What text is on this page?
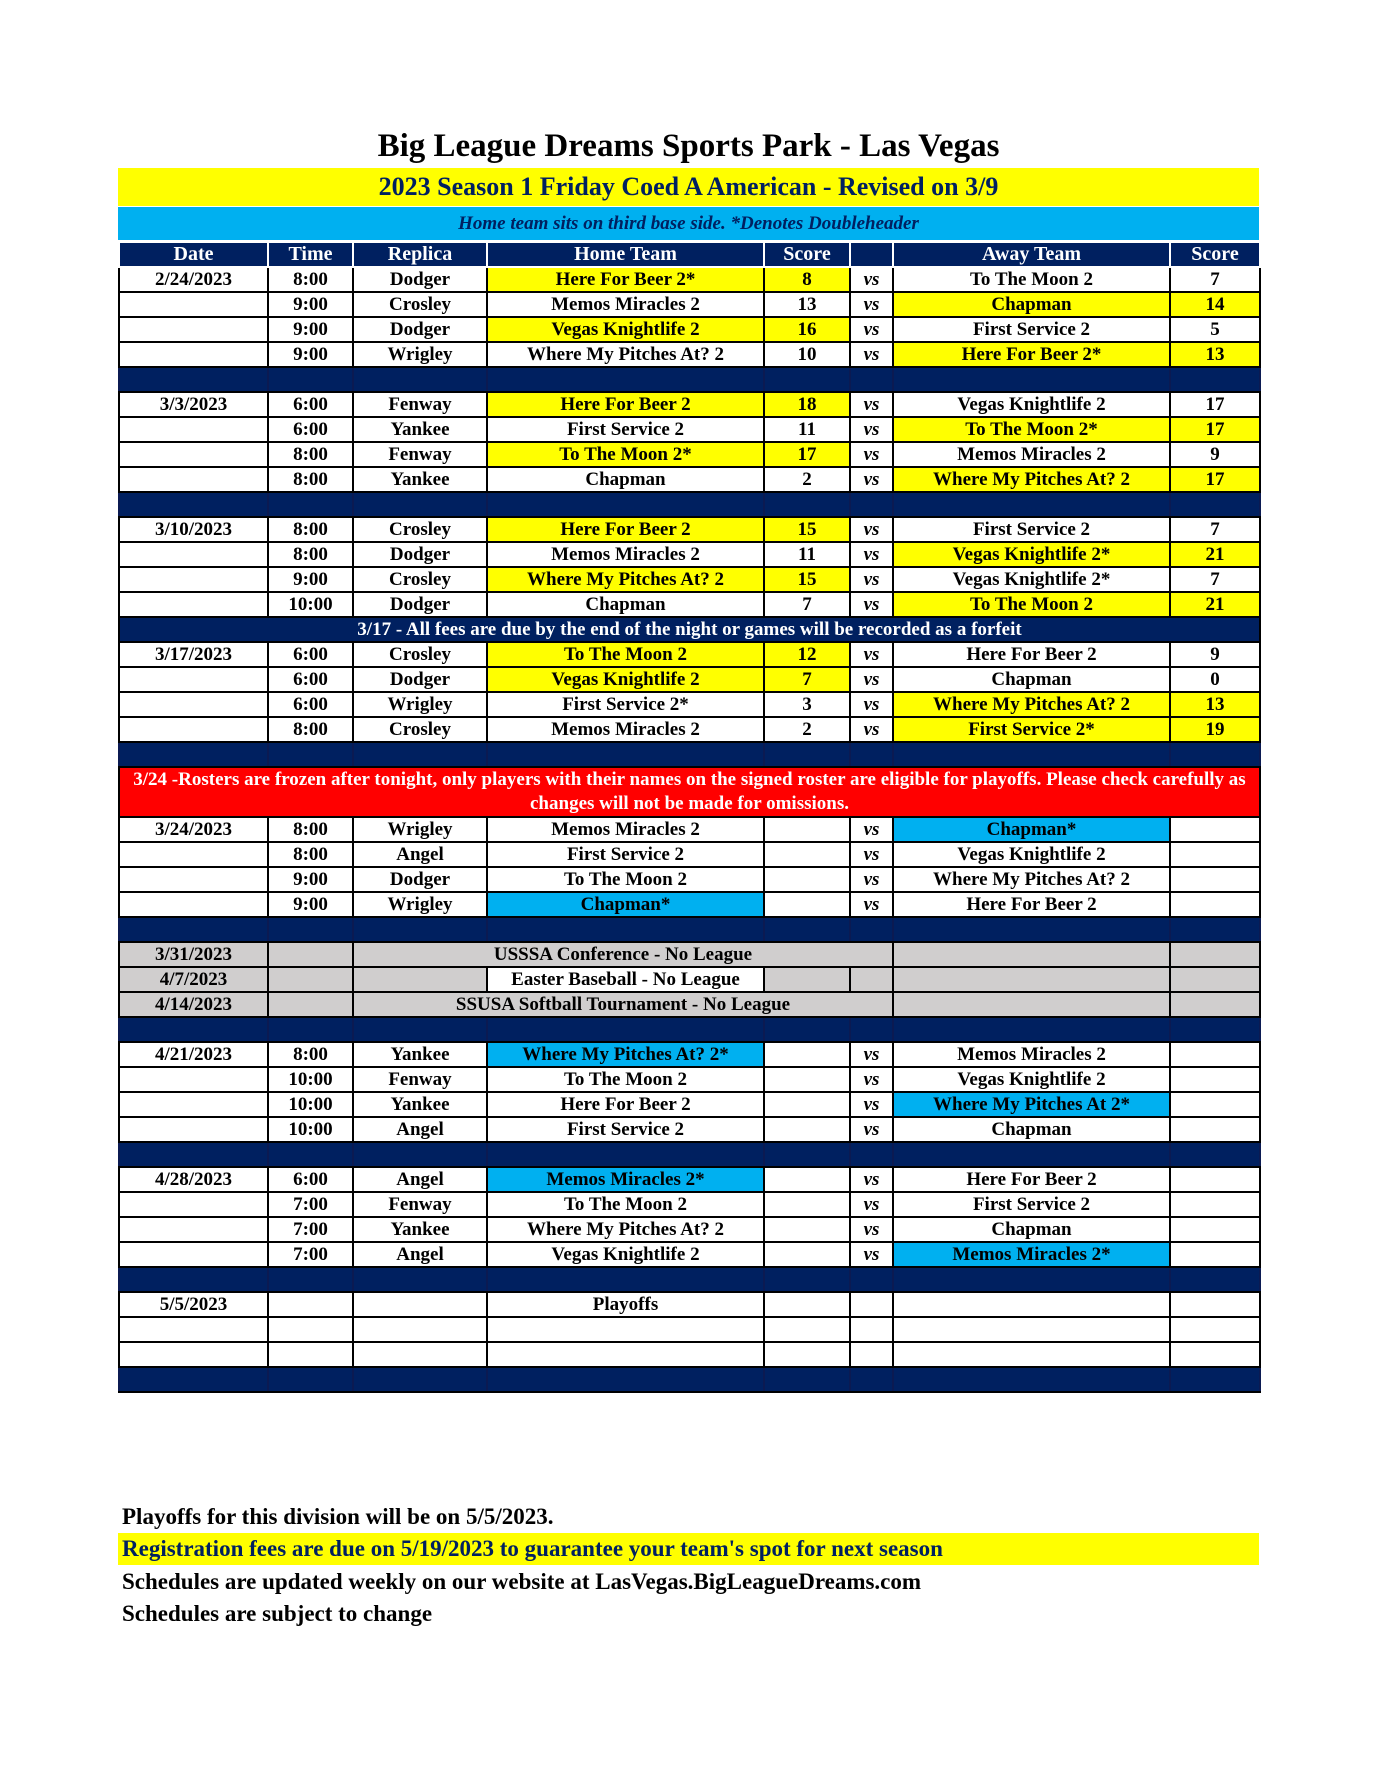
Big League Dreams Sports Park - Las Vegas
2023 Season 1 Friday Coed A American - Revised on 3/9
Home team sits on third base side. *Denotes Doubleheader
Date	Time	Replica	Home Team	Score		Away Team	Score
2/24/2023	8:00	Dodger	Here For Beer 2*	8	vs	To The Moon 2	7
	9:00	Crosley	Memos Miracles 2	13	vs	Chapman	14
	9:00	Dodger	Vegas Knightlife 2	16	vs	First Service 2	5
	9:00	Wrigley	Where My Pitches At? 2	10	vs	Here For Beer 2*	13

3/3/2023	6:00	Fenway	Here For Beer 2	18	vs	Vegas Knightlife 2	17
	6:00	Yankee	First Service 2	11	vs	To The Moon 2*	17
	8:00	Fenway	To The Moon 2*	17	vs	Memos Miracles 2	9
	8:00	Yankee	Chapman	2	vs	Where My Pitches At? 2	17

3/10/2023	8:00	Crosley	Here For Beer 2	15	vs	First Service 2	7
	8:00	Dodger	Memos Miracles 2	11	vs	Vegas Knightlife 2*	21
	9:00	Crosley	Where My Pitches At? 2	15	vs	Vegas Knightlife 2*	7
	10:00	Dodger	Chapman	7	vs	To The Moon 2	21
3/17 - All fees are due by the end of the night or games will be recorded as a forfeit							
3/17/2023	6:00	Crosley	To The Moon 2	12	vs	Here For Beer 2	9
	6:00	Dodger	Vegas Knightlife 2	7	vs	Chapman	0
	6:00	Wrigley	First Service 2*	3	vs	Where My Pitches At? 2	13
	8:00	Crosley	Memos Miracles 2	2	vs	First Service 2*	19

3/24 -Rosters are frozen after tonight, only players with their names on the signed roster are eligible for playoffs. Please check carefully as changes will not be made for omissions.							
3/24/2023	8:00	Wrigley	Memos Miracles 2		vs	Chapman*	
	8:00	Angel	First Service 2		vs	Vegas Knightlife 2	
	9:00	Dodger	To The Moon 2		vs	Where My Pitches At? 2	
	9:00	Wrigley	Chapman*		vs	Here For Beer 2	

3/31/2023		USSSA Conference - No League					
4/7/2023			Easter Baseball - No League				
4/14/2023		SSUSA Softball Tournament - No League					

4/21/2023	8:00	Yankee	Where My Pitches At? 2*		vs	Memos Miracles 2	
	10:00	Fenway	To The Moon 2		vs	Vegas Knightlife 2	
	10:00	Yankee	Here For Beer 2		vs	Where My Pitches At 2*	
	10:00	Angel	First Service 2		vs	Chapman	

4/28/2023	6:00	Angel	Memos Miracles 2*		vs	Here For Beer 2	
	7:00	Fenway	To The Moon 2		vs	First Service 2	
	7:00	Yankee	Where My Pitches At? 2		vs	Chapman	
	7:00	Angel	Vegas Knightlife 2		vs	Memos Miracles 2*	

5/5/2023			Playoffs				

Playoffs for this division will be on 5/5/2023.
Registration fees are due on 5/19/2023 to guarantee your team's spot for next season
Schedules are updated weekly on our website at LasVegas.BigLeagueDreams.com
Schedules are subject to change
